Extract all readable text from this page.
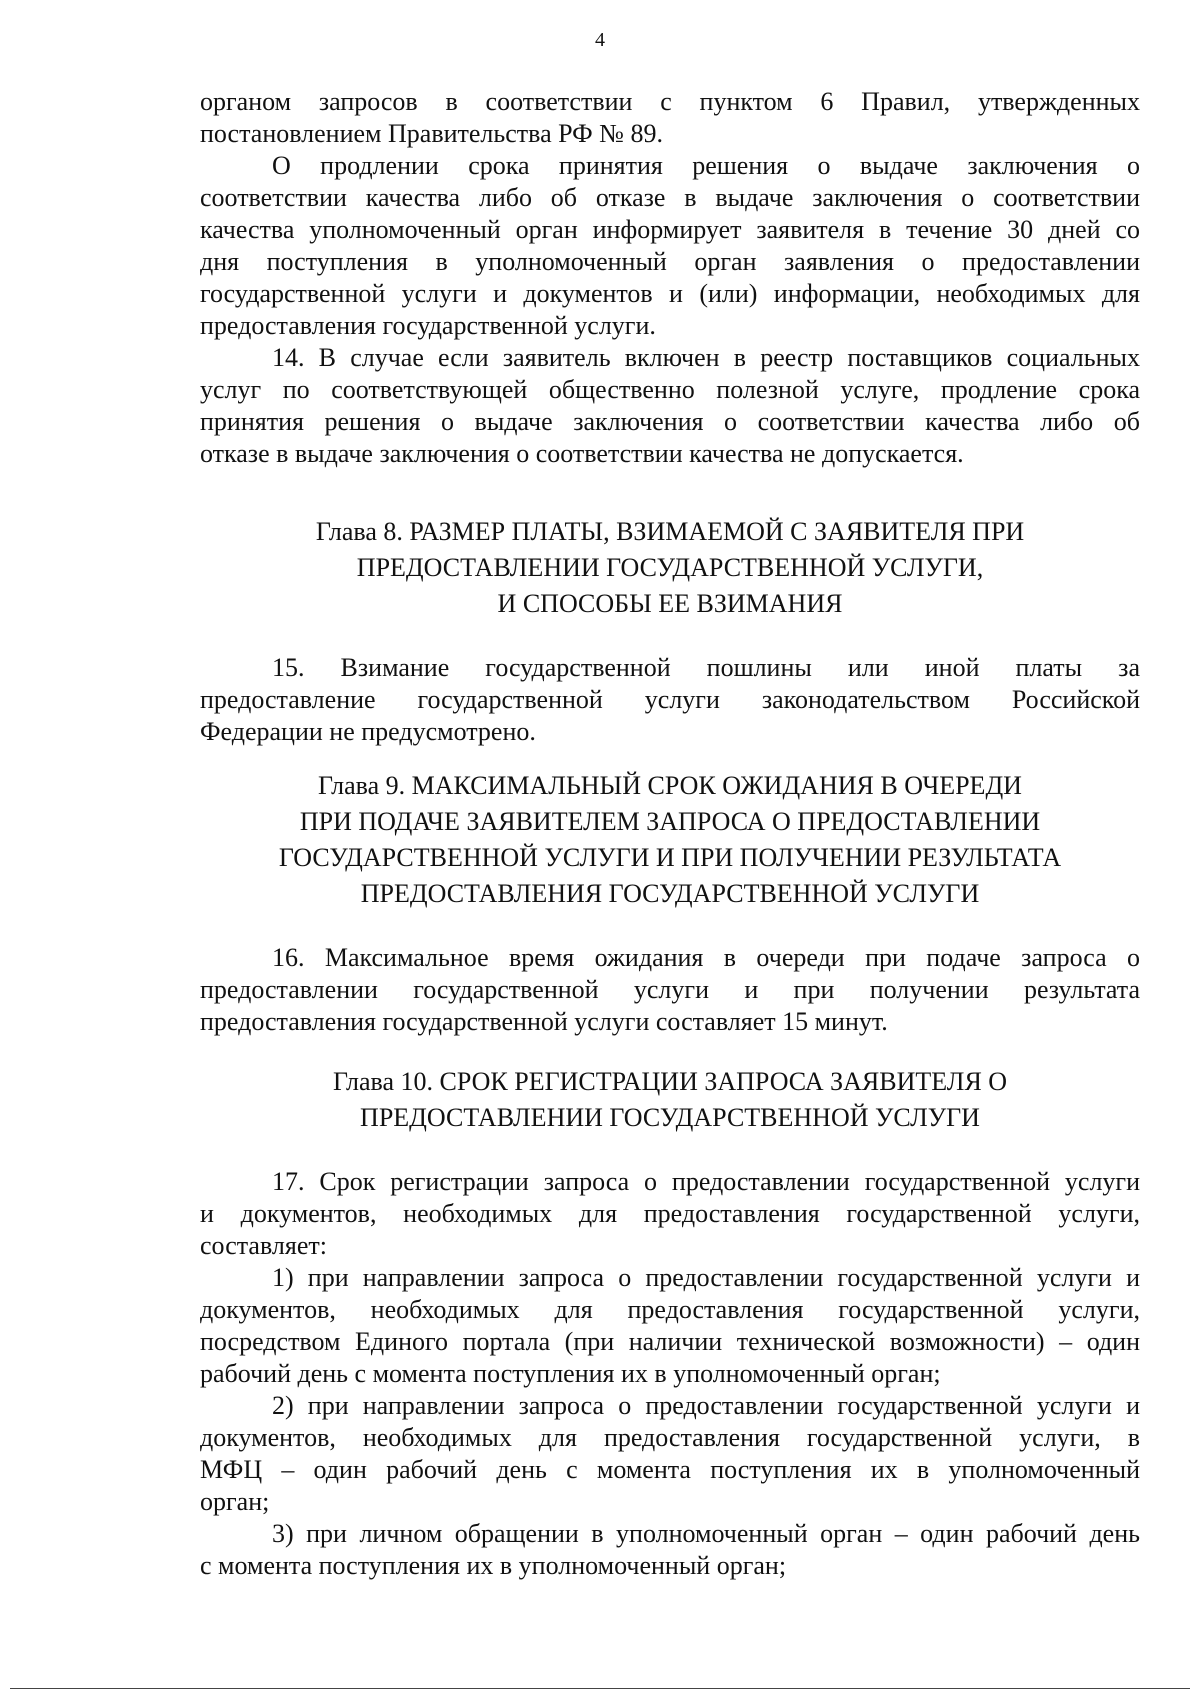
4
органом запросов в соответствии с пунктом 6 Правил, утвержденных
постановлением Правительства РФ № 89.
О продлении срока принятия решения о выдаче заключения о
соответствии качества либо об отказе в выдаче заключения о соответствии
качества уполномоченный орган информирует заявителя в течение 30 дней со
дня поступления в уполномоченный орган заявления о предоставлении
государственной услуги и документов и (или) информации, необходимых для
предоставления государственной услуги.
14. В случае если заявитель включен в реестр поставщиков социальных
услуг по соответствующей общественно полезной услуге, продление срока
принятия решения о выдаче заключения о соответствии качества либо об
отказе в выдаче заключения о соответствии качества не допускается.
15. Взимание государственной пошлины или иной платы за
предоставление государственной услуги законодательством Российской
Федерации не предусмотрено.
16. Максимальное время ожидания в очереди при подаче запроса о
предоставлении государственной услуги и при получении результата
предоставления государственной услуги составляет 15 минут.
17. Срок регистрации запроса о предоставлении государственной услуги
и документов, необходимых для предоставления государственной услуги,
составляет:
1) при направлении запроса о предоставлении государственной услуги и
документов, необходимых для предоставления государственной услуги,
посредством Единого портала (при наличии технической возможности) – один
рабочий день с момента поступления их в уполномоченный орган;
2) при направлении запроса о предоставлении государственной услуги и
документов, необходимых для предоставления государственной услуги, в
МФЦ – один рабочий день с момента поступления их в уполномоченный
орган;
3) при личном обращении в уполномоченный орган – один рабочий день
с момента поступления их в уполномоченный орган;
Глава 8. РАЗМЕР ПЛАТЫ, ВЗИМАЕМОЙ С ЗАЯВИТЕЛЯ ПРИ
ПРЕДОСТАВЛЕНИИ ГОСУДАРСТВЕННОЙ УСЛУГИ,
И СПОСОБЫ ЕЕ ВЗИМАНИЯ
Глава 9. МАКСИМАЛЬНЫЙ СРОК ОЖИДАНИЯ В ОЧЕРЕДИ
ПРИ ПОДАЧЕ ЗАЯВИТЕЛЕМ ЗАПРОСА О ПРЕДОСТАВЛЕНИИ
ГОСУДАРСТВЕННОЙ УСЛУГИ И ПРИ ПОЛУЧЕНИИ РЕЗУЛЬТАТА
ПРЕДОСТАВЛЕНИЯ ГОСУДАРСТВЕННОЙ УСЛУГИ
Глава 10. СРОК РЕГИСТРАЦИИ ЗАПРОСА ЗАЯВИТЕЛЯ О
ПРЕДОСТАВЛЕНИИ ГОСУДАРСТВЕННОЙ УСЛУГИ
